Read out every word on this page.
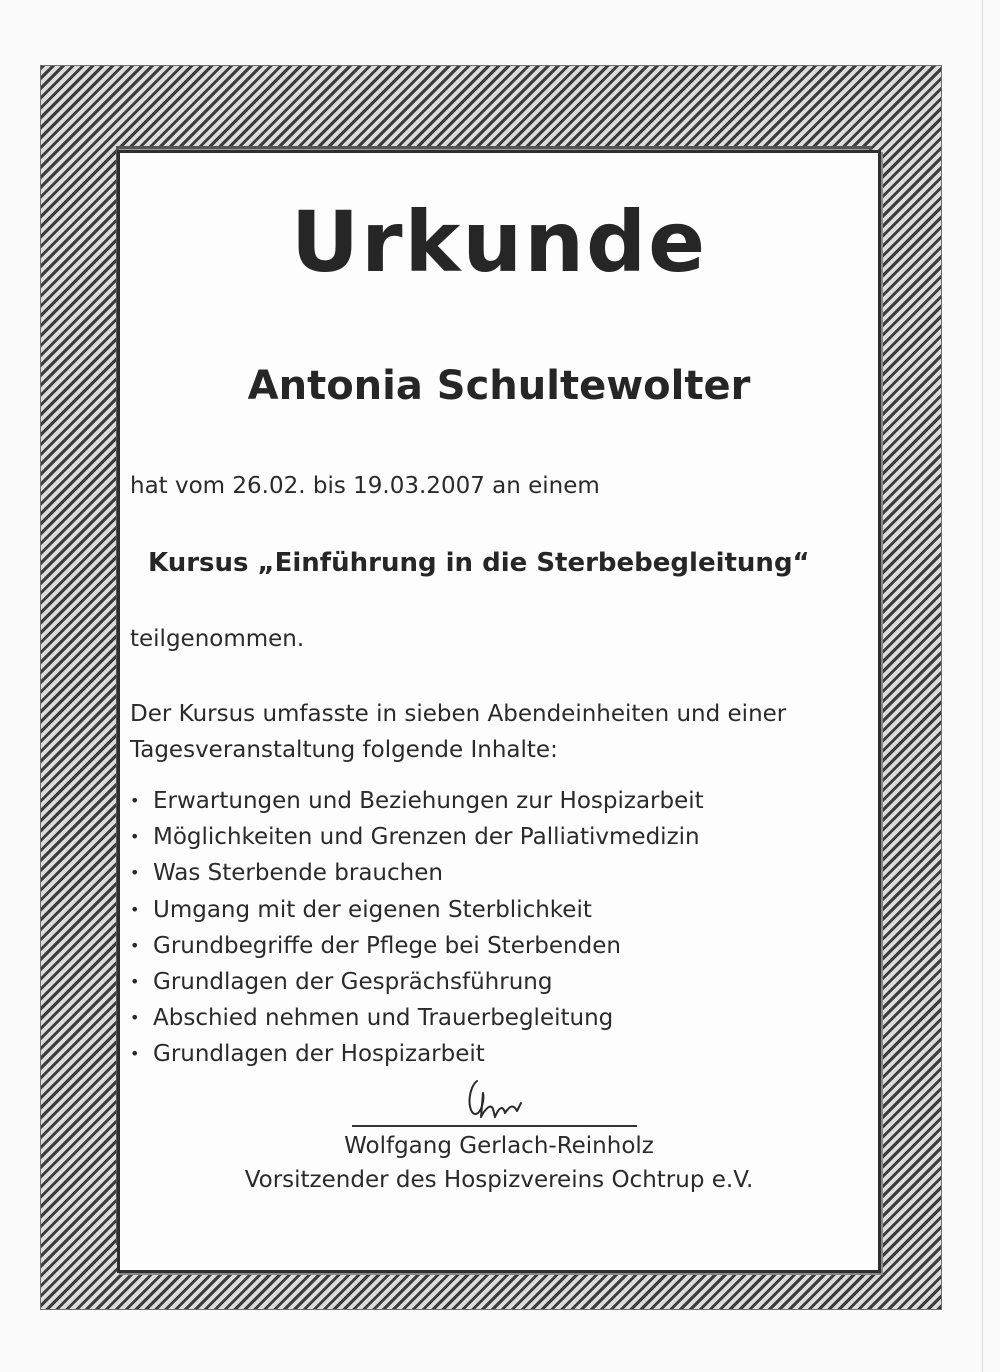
Urkunde
Antonia Schultewolter

hat vom 26.02. bis 19.03.2007 an einem

Kursus „Einführung in die Sterbebegleitung“

teilgenommen.

Der Kursus umfasste in sieben Abendeinheiten und einer

Tagesveranstaltung folgende Inhalte:

• Erwartungen und Beziehungen zur Hospizarbeit
• Möglichkeiten und Grenzen der Palliativmedizin
• Was Sterbende brauchen
• Umgang mit der eigenen Sterblichkeit
• Grundbegriffe der Pflege bei Sterbenden
• Grundlagen der Gesprächsführung
• Abschied nehmen und Trauerbegleitung
• Grundlagen der Hospizarbeit

Wolfgang Gerlach-Reinholz

Vorsitzender des Hospizvereins Ochtrup e.V.
